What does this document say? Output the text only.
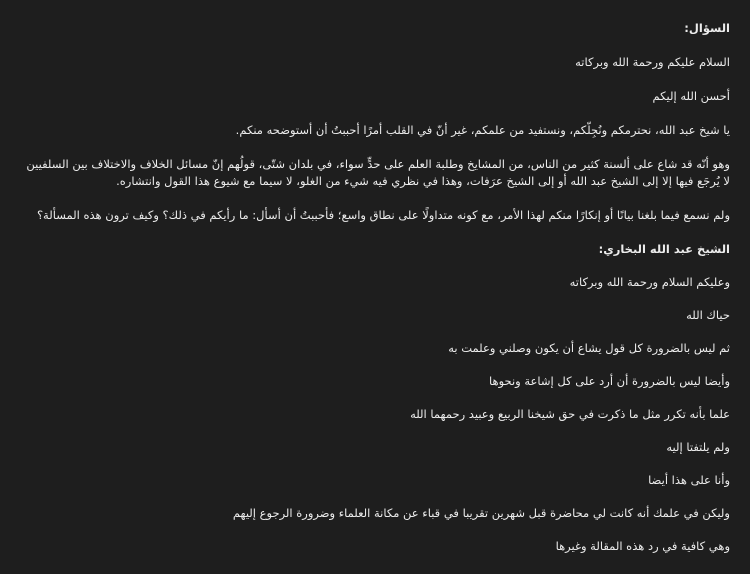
السؤال:

السلام عليكم ورحمة الله وبركاته

أحسن الله إليكم

يا شيخ عبد الله، نحترمكم ونُجِلّكم، ونستفيد من علمكم، غير أنّ في القلب أمرًا أحببتُ أن أستوضحه منكم.

وهو أنّه قد شاع على ألسنة كثير من الناس، من المشايخ وطلبة العلم على حدٍّ سواء، في بلدان شتّى، قولُهم إنّ مسائل الخلاف والاختلاف بين السلفيين لا يُرجَع فيها إلا إلى الشيخ عبد الله أو إلى الشيخ عرَفات، وهذا في نظري فيه شيء من الغلو، لا سيما مع شيوع هذا القول وانتشاره.

ولم نسمع فيما بلغنا بيانًا أو إنكارًا منكم لهذا الأمر، مع كونه متداولًا على نطاق واسع؛ فأحببتُ أن أسأل: ما رأيكم في ذلك؟ وكيف ترون هذه المسألة؟

الشيخ عبد الله البخاري:

وعليكم السلام ورحمة الله وبركاته

حياك الله

ثم ليس بالضرورة كل قول يشاع أن يكون وصلني وعلمت به

وأيضا ليس بالضرورة أن أرد على كل إشاعة ونحوها

علما بأنه تكرر مثل ما ذكرت في حق شيخنا الربيع وعبيد رحمهما الله

ولم يلتفتا إليه

وأنا على هذا أيضا

وليكن في علمك أنه كانت لي محاضرة قبل شهرين تقريبا في قباء عن مكانة العلماء وضرورة الرجوع إليهم

وهي كافية في رد هذه المقالة وغيرها
